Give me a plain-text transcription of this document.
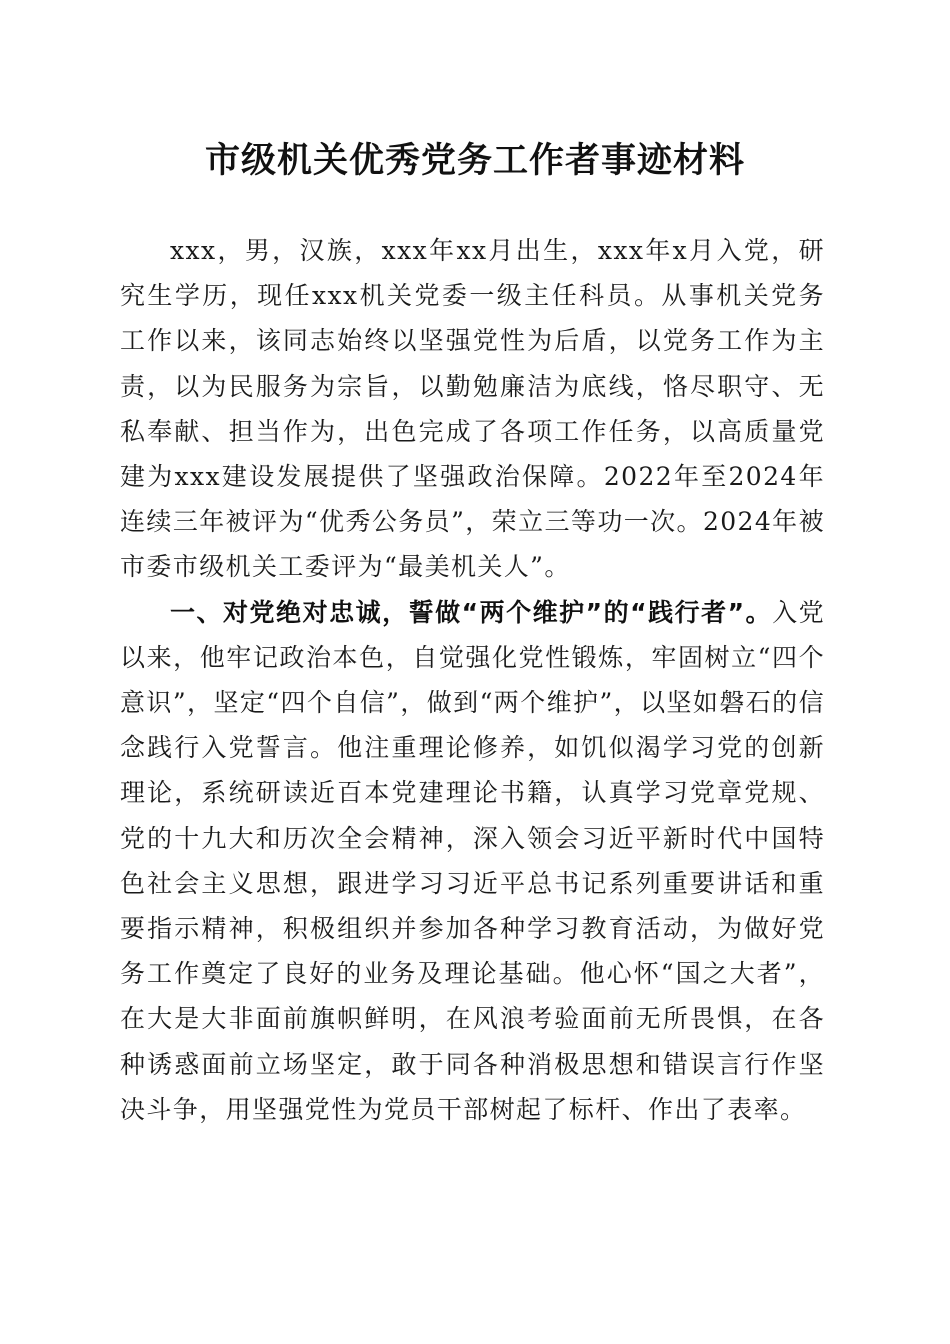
市级机关优秀党务工作者事迹材料

xxx，男，汉族，xxx年xx月出生，xxx年x月入党，研究生学历，现任xxx机关党委一级主任科员。从事机关党务工作以来，该同志始终以坚强党性为后盾，以党务工作为主责，以为民服务为宗旨，以勤勉廉洁为底线，恪尽职守、无私奉献、担当作为，出色完成了各项工作任务，以高质量党建为xxx建设发展提供了坚强政治保障。2022年至2024年连续三年被评为“优秀公务员”，荣立三等功一次。2024年被市委市级机关工委评为“最美机关人”。

一、对党绝对忠诚，誓做“两个维护”的“践行者”。入党以来，他牢记政治本色，自觉强化党性锻炼，牢固树立“四个意识”，坚定“四个自信”，做到“两个维护”，以坚如磐石的信念践行入党誓言。他注重理论修养，如饥似渴学习党的创新理论，系统研读近百本党建理论书籍，认真学习党章党规、党的十九大和历次全会精神，深入领会习近平新时代中国特色社会主义思想，跟进学习习近平总书记系列重要讲话和重要指示精神，积极组织并参加各种学习教育活动，为做好党务工作奠定了良好的业务及理论基础。他心怀“国之大者”，在大是大非面前旗帜鲜明，在风浪考验面前无所畏惧，在各种诱惑面前立场坚定，敢于同各种消极思想和错误言行作坚决斗争，用坚强党性为党员干部树起了标杆、作出了表率。
